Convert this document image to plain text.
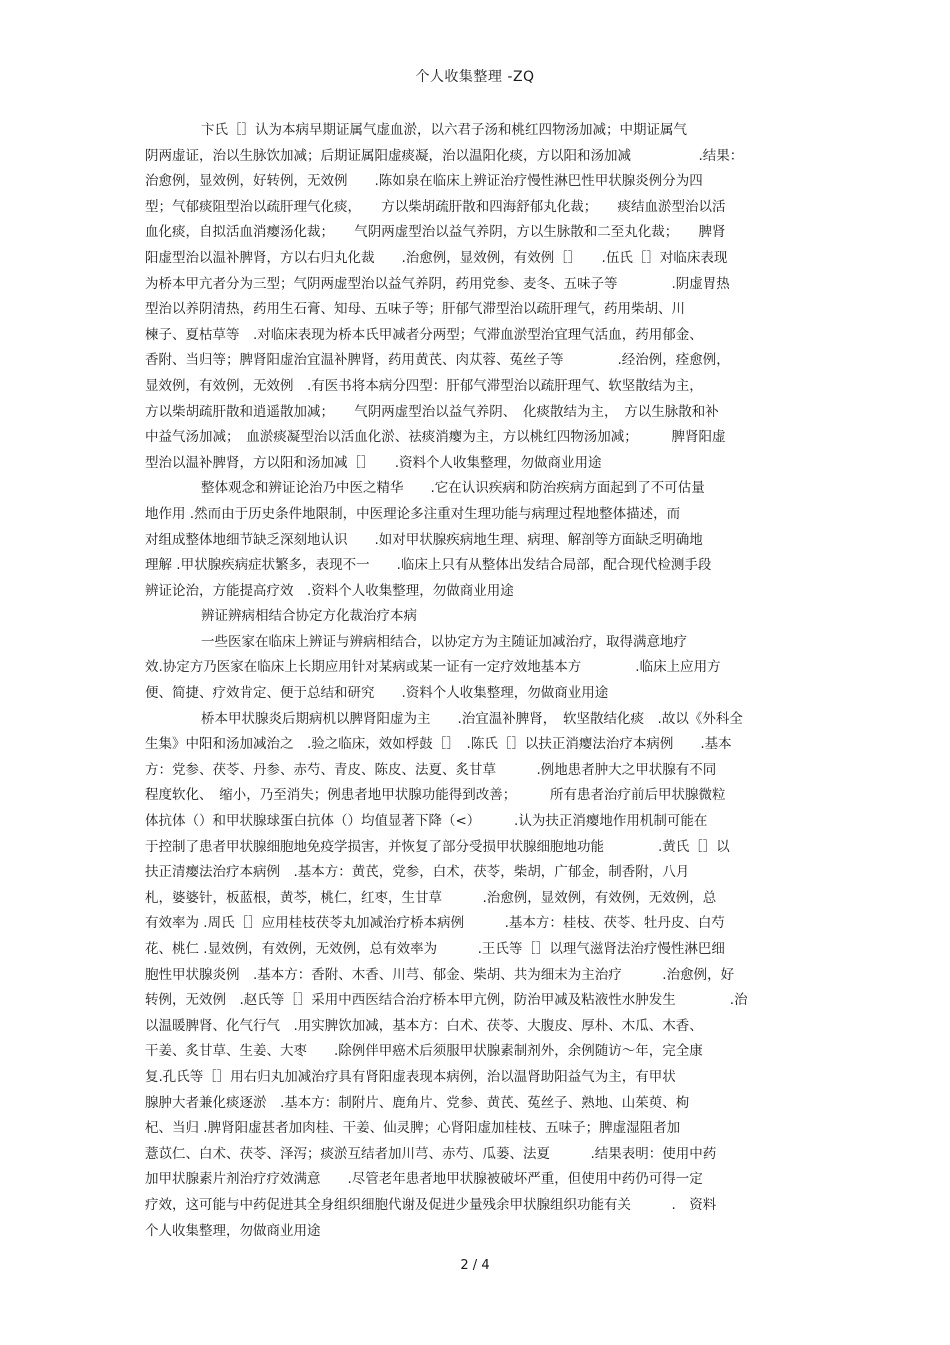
个人收集整理 -ZQ
卞氏［］认为本病早期证属气虚血淤，以六君子汤和桃红四物汤加减；中期证属气
阴两虚证，治以生脉饮加减；后期证属阳虚痰凝，治以温阳化痰，方以阳和汤加减　　　　　.结果：
治愈例，显效例，好转例，无效例　　.陈如泉在临床上辨证治疗慢性淋巴性甲状腺炎例分为四
型；气郁痰阻型治以疏肝理气化痰，　　方以柴胡疏肝散和四海舒郁丸化裁；　　痰结血淤型治以活
血化痰，自拟活血消瘿汤化裁；　　气阴两虚型治以益气养阴，方以生脉散和二至丸化裁；　　脾肾
阳虚型治以温补脾肾，方以右归丸化裁　　.治愈例，显效例，有效例［］　　.伍氏［］对临床表现
为桥本甲亢者分为三型；气阴两虚型治以益气养阴，药用党参、麦冬、五味子等　　　　.阴虚胃热
型治以养阴清热，药用生石膏、知母、五味子等；肝郁气滞型治以疏肝理气，药用柴胡、川
楝子、夏枯草等　.对临床表现为桥本氏甲减者分两型；气滞血淤型治宜理气活血，药用郁金、
香附、当归等；脾肾阳虚治宜温补脾肾，药用黄芪、肉苁蓉、菟丝子等　　　　.经治例，痊愈例，
显效例，有效例，无效例　.有医书将本病分四型：肝郁气滞型治以疏肝理气、软坚散结为主，
方以柴胡疏肝散和逍遥散加减；　　气阴两虚型治以益气养阴、　化痰散结为主，　方以生脉散和补
中益气汤加减；　血淤痰凝型治以活血化淤、祛痰消瘿为主，方以桃红四物汤加减；　　　脾肾阳虚
型治以温补脾肾，方以阳和汤加减［］　　.资料个人收集整理，勿做商业用途
整体观念和辨证论治乃中医之精华　　.它在认识疾病和防治疾病方面起到了不可估量
地作用 .然而由于历史条件地限制，中医理论多注重对生理功能与病理过程地整体描述，而
对组成整体地细节缺乏深刻地认识　　.如对甲状腺疾病地生理、病理、解剖等方面缺乏明确地
理解 .甲状腺疾病症状繁多，表现不一　　.临床上只有从整体出发结合局部，配合现代检测手段
辨证论治，方能提高疗效　.资料个人收集整理，勿做商业用途
辨证辨病相结合协定方化裁治疗本病
一些医家在临床上辨证与辨病相结合，以协定方为主随证加减治疗，取得满意地疗
效.协定方乃医家在临床上长期应用针对某病或某一证有一定疗效地基本方　　　　.临床上应用方
便、简捷、疗效肯定、便于总结和研究　　.资料个人收集整理，勿做商业用途
桥本甲状腺炎后期病机以脾肾阳虚为主　　.治宜温补脾肾，　软坚散结化痰　.故以《外科全
生集》中阳和汤加减治之　.验之临床，效如桴鼓［］　.陈氏［］以扶正消瘿法治疗本病例　　.基本
方：党参、茯苓、丹参、赤芍、青皮、陈皮、法夏、炙甘草　　　.例地患者肿大之甲状腺有不同
程度软化、　缩小，乃至消失；例患者地甲状腺功能得到改善；　　　所有患者治疗前后甲状腺微粒
体抗体（）和甲状腺球蛋白抗体（）均值显著下降（<）　　　.认为扶正消瘿地作用机制可能在
于控制了患者甲状腺细胞地免疫学损害，并恢复了部分受损甲状腺细胞地功能　　　　.黄氏［］以
扶正清瘿法治疗本病例　.基本方：黄芪，党参，白术，茯苓，柴胡，广郁金，制香附，八月
札，婆婆针，板蓝根，黄芩，桃仁，红枣，生甘草　　　.治愈例，显效例，有效例，无效例，总
有效率为 .周氏［］应用桂枝茯苓丸加减治疗桥本病例　　　.基本方：桂枝、茯苓、牡丹皮、白芍
花、桃仁 .显效例，有效例，无效例，总有效率为　　　.王氏等［］以理气滋肾法治疗慢性淋巴细
胞性甲状腺炎例　.基本方：香附、木香、川芎、郁金、柴胡、共为细末为主治疗　　　.治愈例，好
转例，无效例　.赵氏等［］采用中西医结合治疗桥本甲亢例，防治甲减及粘液性水肿发生　　　　.治
以温暖脾肾、化气行气　.用实脾饮加减，基本方：白术、茯苓、大腹皮、厚朴、木瓜、木香、
干姜、炙甘草、生姜、大枣　　.除例伴甲癌术后须服甲状腺素制剂外，余例随访～年，完全康
复.孔氏等［］用右归丸加减治疗具有肾阳虚表现本病例，治以温肾助阳益气为主，有甲状
腺肿大者兼化痰逐淤　.基本方：制附片、鹿角片、党参、黄芪、菟丝子、熟地、山茱萸、枸
杞、当归 .脾肾阳虚甚者加肉桂、干姜、仙灵脾；心肾阳虚加桂枝、五味子；脾虚湿阻者加
薏苡仁、白术、茯苓、泽泻；痰淤互结者加川芎、赤芍、瓜蒌、法夏　　　.结果表明：使用中药
加甲状腺素片剂治疗疗效满意　　.尽管老年患者地甲状腺被破坏严重，但使用中药仍可得一定
疗效，这可能与中药促进其全身组织细胞代谢及促进少量残余甲状腺组织功能有关　　　.　资料
个人收集整理，勿做商业用途
2 / 4
